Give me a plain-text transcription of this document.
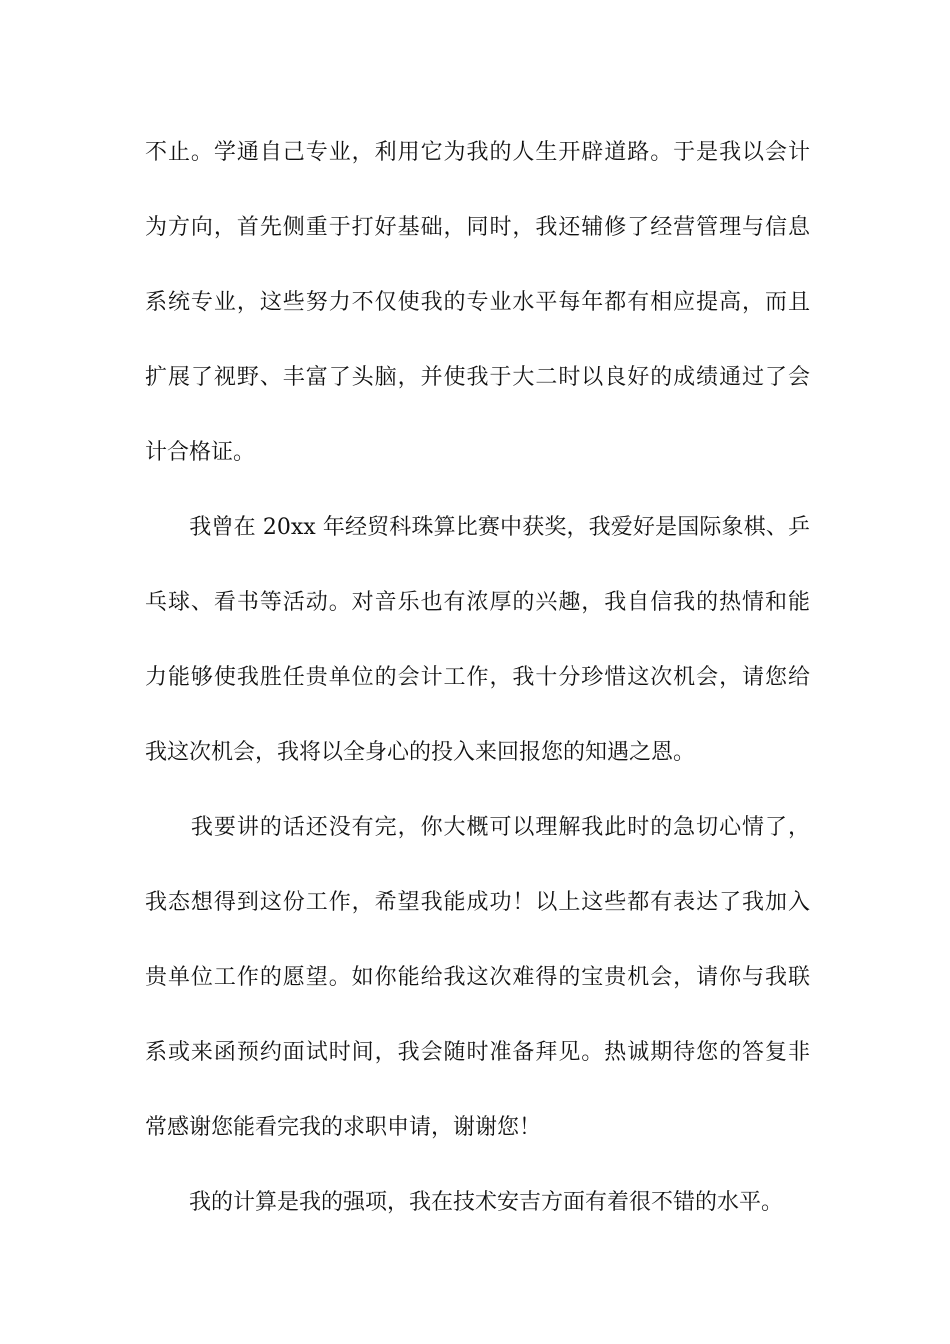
不止。学通自己专业，利用它为我的人生开辟道路。于是我以会计
为方向，首先侧重于打好基础，同时，我还辅修了经营管理与信息
系统专业，这些努力不仅使我的专业水平每年都有相应提高，而且
扩展了视野、丰富了头脑，并使我于大二时以良好的成绩通过了会
计合格证。
　　我曾在 20xx 年经贸科珠算比赛中获奖，我爱好是国际象棋、乒
乓球、看书等活动。对音乐也有浓厚的兴趣，我自信我的热情和能
力能够使我胜任贵单位的会计工作，我十分珍惜这次机会，请您给
我这次机会，我将以全身心的投入来回报您的知遇之恩。
　　我要讲的话还没有完，你大概可以理解我此时的急切心情了，
我态想得到这份工作，希望我能成功！以上这些都有表达了我加入
贵单位工作的愿望。如你能给我这次难得的宝贵机会，请你与我联
系或来函预约面试时间，我会随时准备拜见。热诚期待您的答复非
常感谢您能看完我的求职申请，谢谢您！
　　我的计算是我的强项，我在技术安吉方面有着很不错的水平。
